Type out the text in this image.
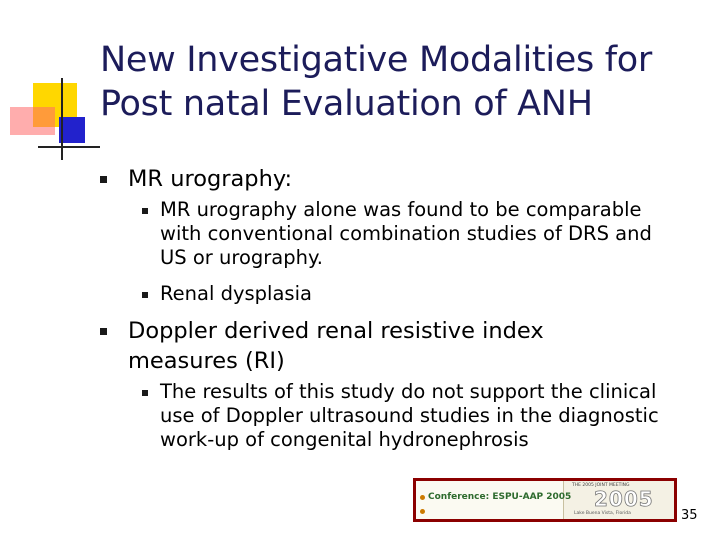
New Investigative Modalities for
Post natal Evaluation of ANH
MR urography:
MR urography alone was found to be comparable
with conventional combination studies of DRS and
US or urography.
Renal dysplasia
Doppler derived renal resistive index
measures (RI)
The results of this study do not support the clinical
use of Doppler ultrasound studies in the diagnostic
work-up of congenital hydronephrosis
Conference: ESPU-AAP 2005
THE 2005 JOINT MEETING
2005
Lake Buena Vista, Florida	35
